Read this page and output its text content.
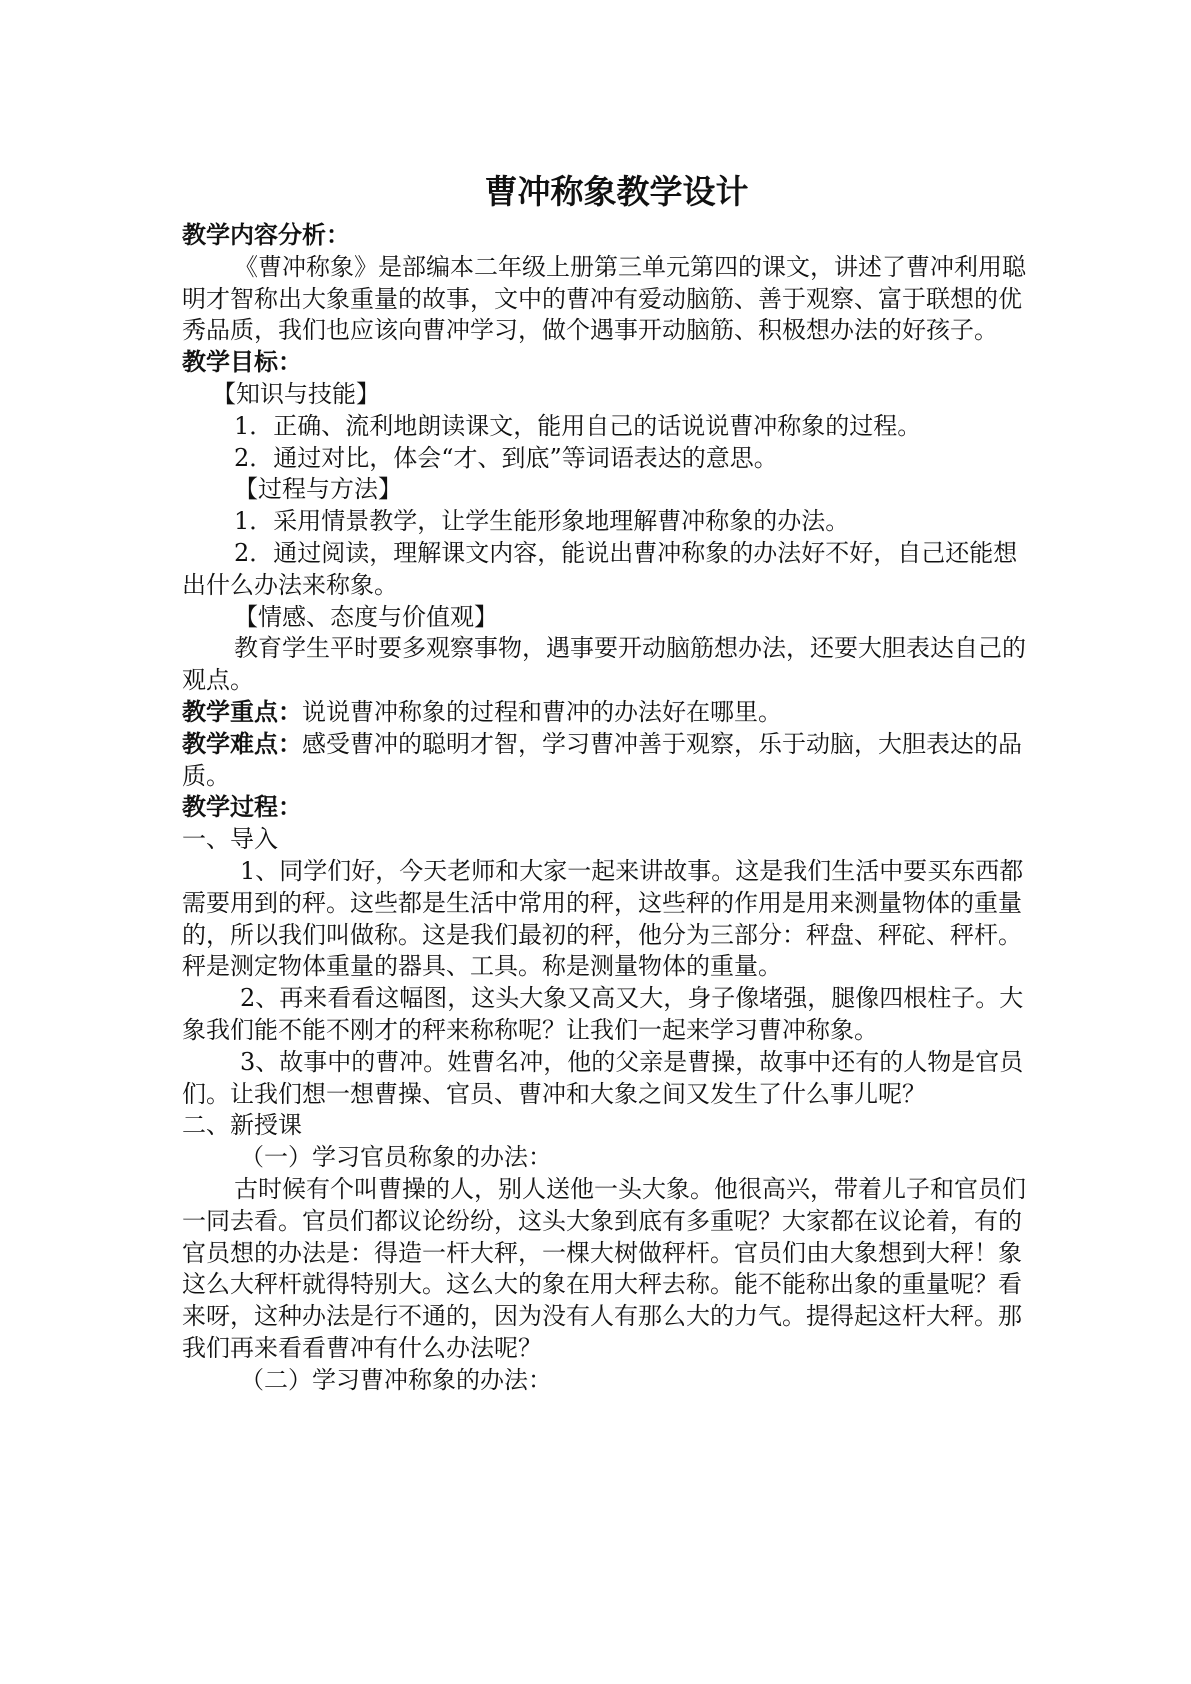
曹冲称象教学设计

教学内容分析：

《曹冲称象》是部编本二年级上册第三单元第四的课文，讲述了曹冲利用聪明才智称出大象重量的故事，文中的曹冲有爱动脑筋、善于观察、富于联想的优秀品质，我们也应该向曹冲学习，做个遇事开动脑筋、积极想办法的好孩子。

教学目标：

【知识与技能】

1．正确、流利地朗读课文，能用自己的话说说曹冲称象的过程。

2．通过对比，体会“才、到底”等词语表达的意思。

【过程与方法】

1．采用情景教学，让学生能形象地理解曹冲称象的办法。

2．通过阅读，理解课文内容，能说出曹冲称象的办法好不好，自己还能想出什么办法来称象。

【情感、态度与价值观】

教育学生平时要多观察事物，遇事要开动脑筋想办法，还要大胆表达自己的观点。

教学重点：说说曹冲称象的过程和曹冲的办法好在哪里。

教学难点：感受曹冲的聪明才智，学习曹冲善于观察，乐于动脑，大胆表达的品质。

教学过程：

一、导入

1、同学们好，今天老师和大家一起来讲故事。这是我们生活中要买东西都需要用到的秤。这些都是生活中常用的秤，这些秤的作用是用来测量物体的重量的，所以我们叫做称。这是我们最初的秤，他分为三部分：秤盘、秤砣、秤杆。秤是测定物体重量的器具、工具。称是测量物体的重量。

2、再来看看这幅图，这头大象又高又大，身子像堵强，腿像四根柱子。大象我们能不能不刚才的秤来称称呢？让我们一起来学习曹冲称象。

3、故事中的曹冲。姓曹名冲，他的父亲是曹操，故事中还有的人物是官员们。让我们想一想曹操、官员、曹冲和大象之间又发生了什么事儿呢？

二、新授课

（一）学习官员称象的办法：

古时候有个叫曹操的人，别人送他一头大象。他很高兴，带着儿子和官员们一同去看。官员们都议论纷纷，这头大象到底有多重呢？大家都在议论着，有的官员想的办法是：得造一杆大秤，一棵大树做秤杆。官员们由大象想到大秤！象这么大秤杆就得特别大。这么大的象在用大秤去称。能不能称出象的重量呢？看来呀，这种办法是行不通的，因为没有人有那么大的力气。提得起这杆大秤。那我们再来看看曹冲有什么办法呢？

（二）学习曹冲称象的办法：
